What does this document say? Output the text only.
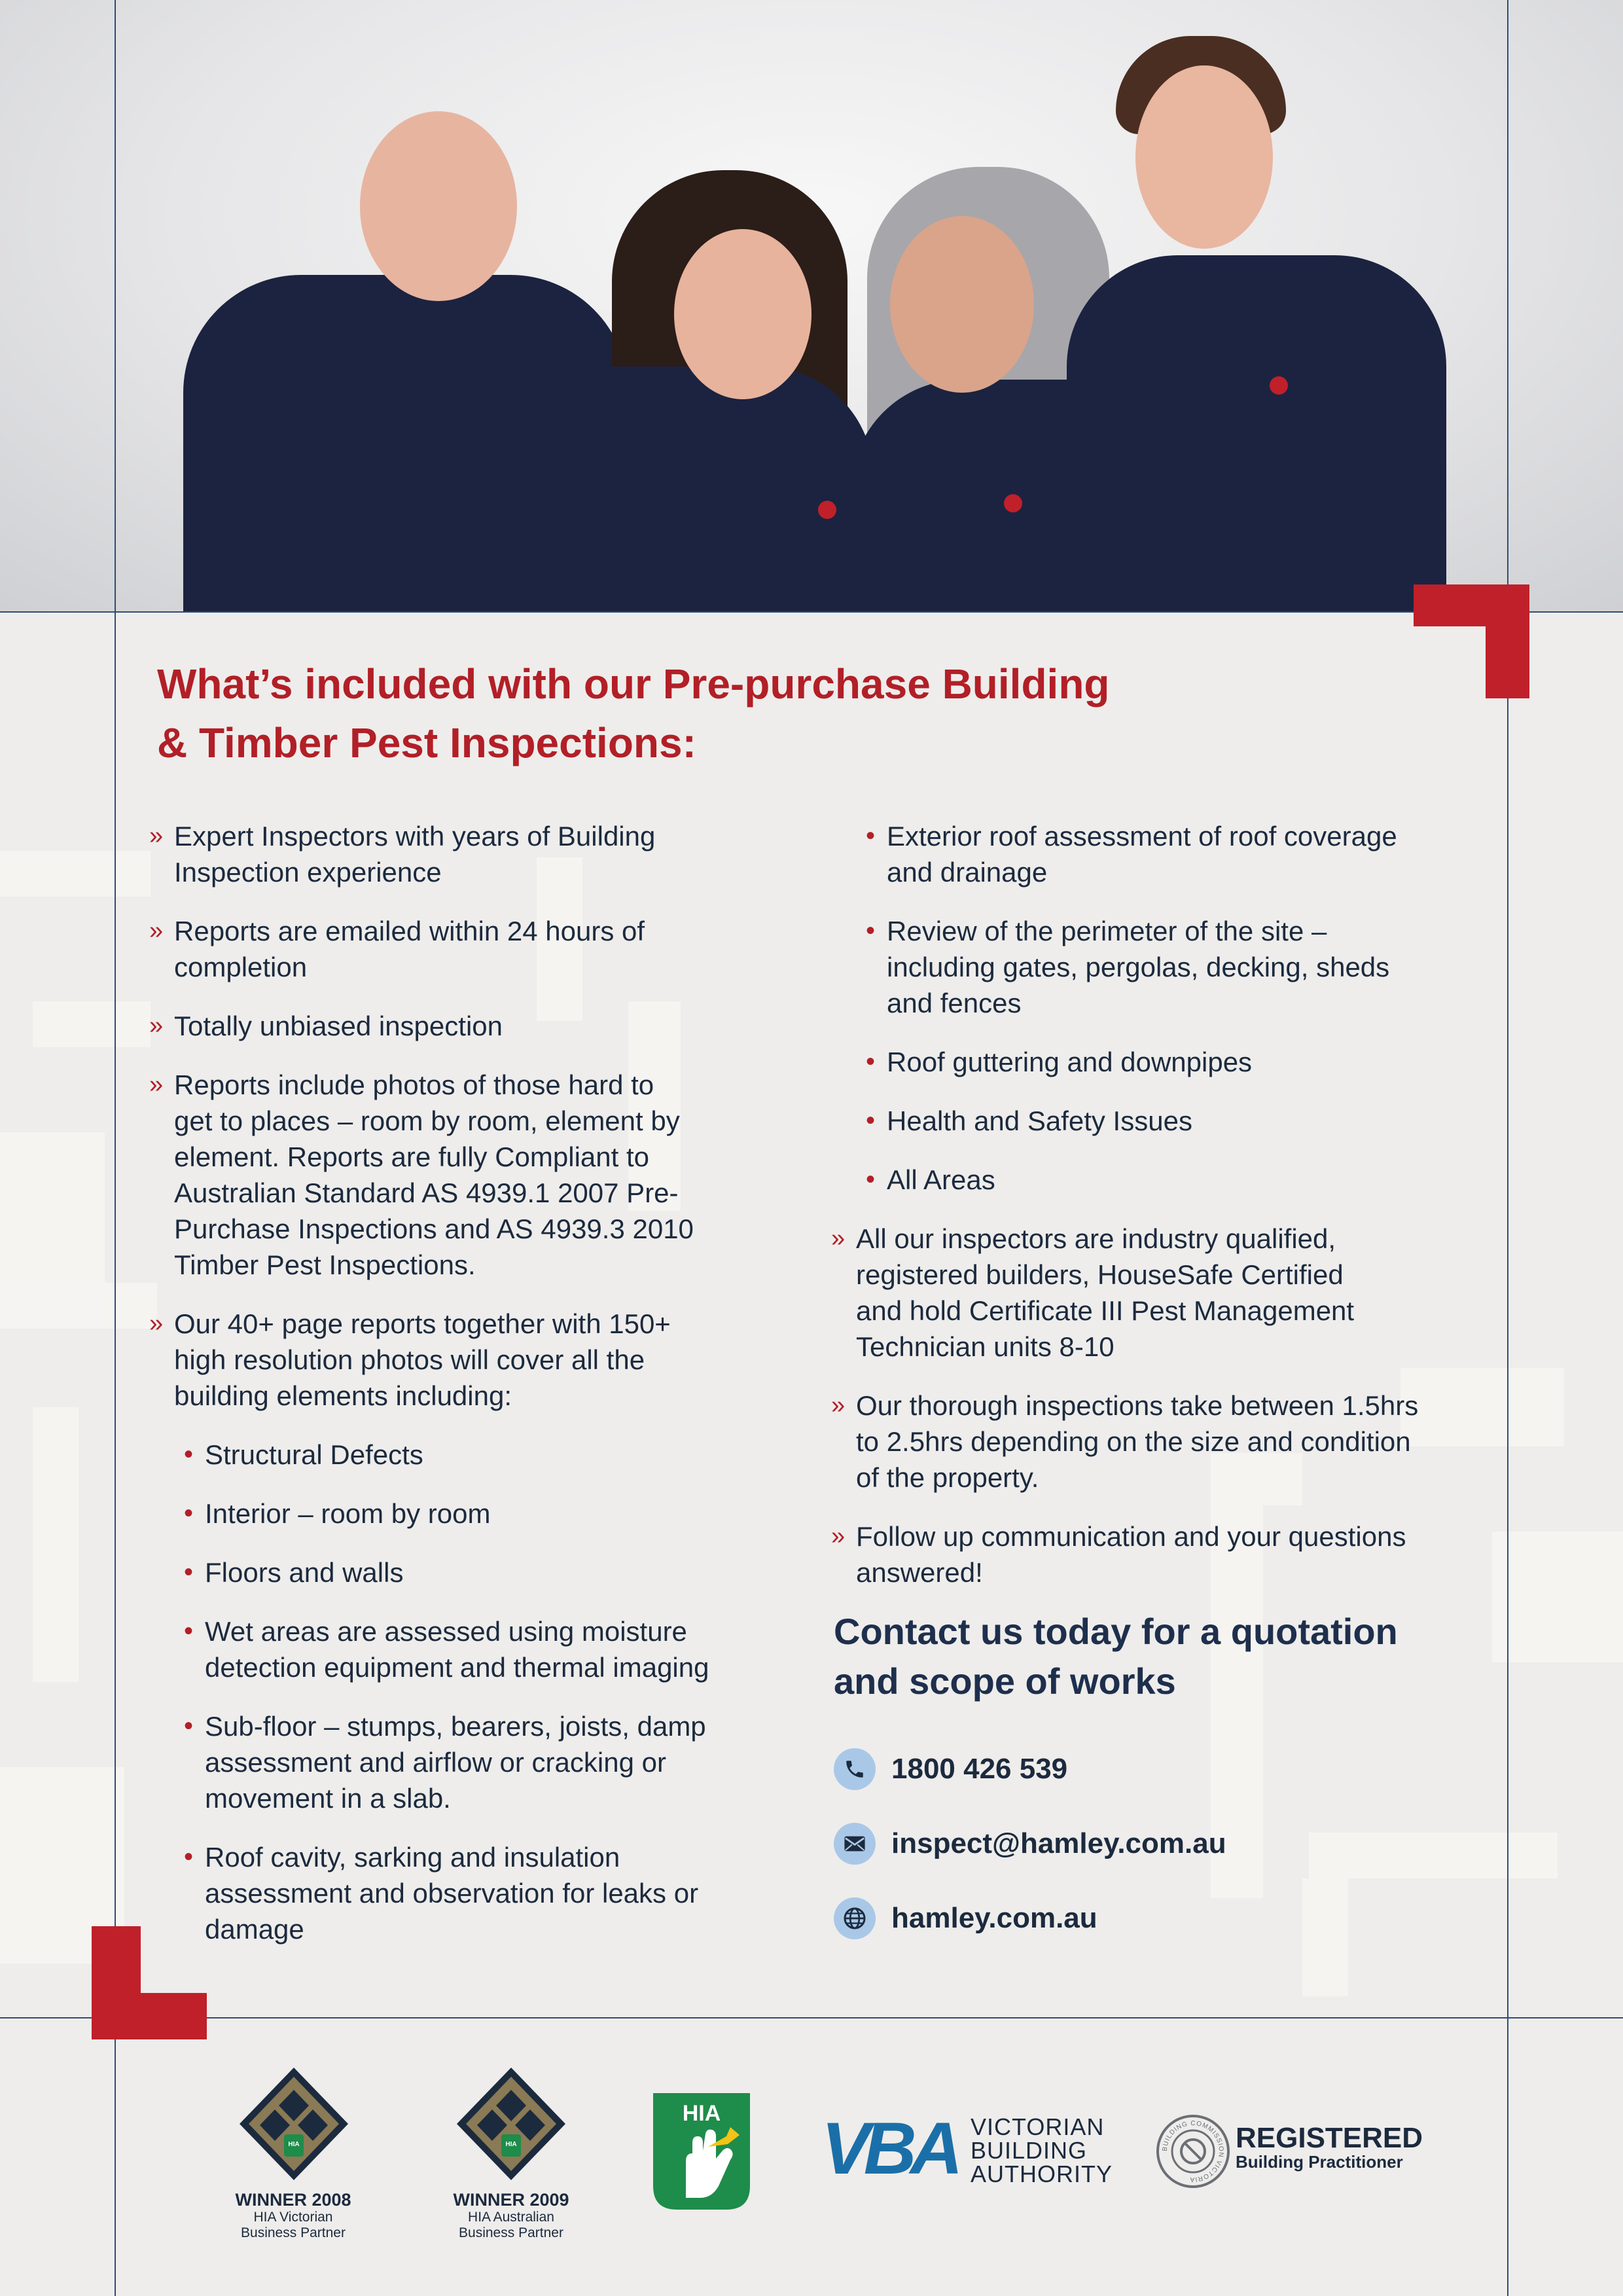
What’s included with our Pre-purchase Building
& Timber Pest Inspections:
» Expert Inspectors with years of Building
Inspection experience
» Reports are emailed within 24 hours of
completion
» Totally unbiased inspection
» Reports include photos of those hard to
get to places – room by room, element by
element. Reports are fully Compliant to
Australian Standard AS 4939.1 2007 Pre-
Purchase Inspections and AS 4939.3 2010
Timber Pest Inspections.
» Our 40+ page reports together with 150+
high resolution photos will cover all the
building elements including:
• Structural Defects
• Interior – room by room
• Floors and walls
• Wet areas are assessed using moisture
detection equipment and thermal imaging
• Sub-floor – stumps, bearers, joists, damp
assessment and airflow or cracking or
movement in a slab.
• Roof cavity, sarking and insulation
assessment and observation for leaks or
damage
• Exterior roof assessment of roof coverage
and drainage
• Review of the perimeter of the site –
including gates, pergolas, decking, sheds
and fences
• Roof guttering and downpipes
• Health and Safety Issues
• All Areas
» All our inspectors are industry qualified,
registered builders, HouseSafe Certified
and hold Certificate III Pest Management
Technician units 8-10
» Our thorough inspections take between 1.5hrs
to 2.5hrs depending on the size and condition
of the property.
» Follow up communication and your questions
answered!
Contact us today for a quotation
and scope of works
1800 426 539
inspect@hamley.com.au
hamley.com.au
HIA
WINNER 2008
HIA Victorian
Business Partner
HIA
WINNER 2009
HIA Australian
Business Partner
HIA VBA VICTORIAN
BUILDING
AUTHORITY
BUILDING COMMISSION VICTORIA
REGISTERED
Building Practitioner
